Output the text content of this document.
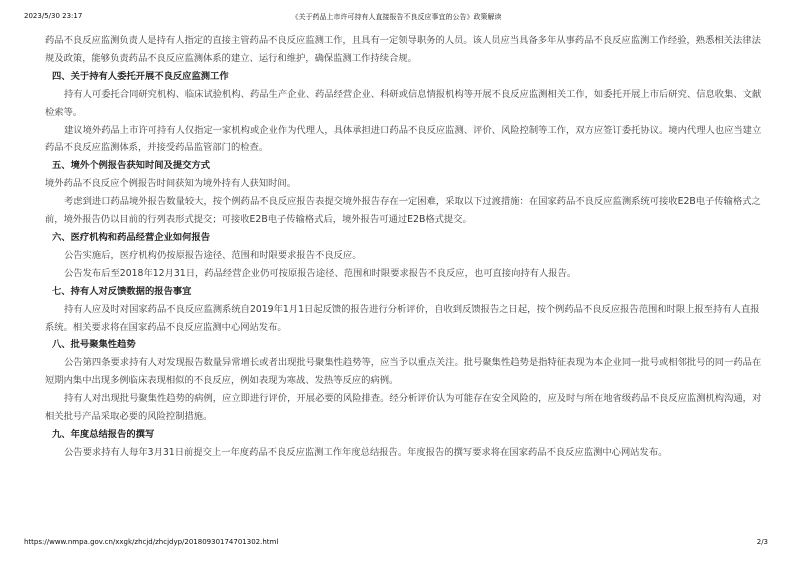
2023/5/30 23:17	《关于药品上市许可持有人直接报告不良反应事宜的公告》政策解读

药品不良反应监测负责人是持有人指定的直接主管药品不良反应监测工作，且具有一定领导职务的人员。该人员应当具备多年从事药品不良反应监测工作经验，熟悉相关法律法规及政策，能够负责药品不良反应监测体系的建立、运行和维护，确保监测工作持续合规。

四、关于持有人委托开展不良反应监测工作

持有人可委托合同研究机构、临床试验机构、药品生产企业、药品经营企业、科研或信息情报机构等开展不良反应监测相关工作，如委托开展上市后研究、信息收集、文献检索等。

建议境外药品上市许可持有人仅指定一家机构或企业作为代理人，具体承担进口药品不良反应监测、评价、风险控制等工作，双方应签订委托协议。境内代理人也应当建立药品不良反应监测体系，并接受药品监管部门的检查。

五、境外个例报告获知时间及提交方式

境外药品不良反应个例报告时间获知为境外持有人获知时间。

考虑到进口药品境外报告数量较大，按个例药品不良反应报告表提交境外报告存在一定困难，采取以下过渡措施：在国家药品不良反应监测系统可接收E2B电子传输格式之前，境外报告仍以目前的行列表形式提交；可接收E2B电子传输格式后，境外报告可通过E2B格式提交。

六、医疗机构和药品经营企业如何报告

公告实施后，医疗机构仍按原报告途径、范围和时限要求报告不良反应。

公告发布后至2018年12月31日，药品经营企业仍可按原报告途径、范围和时限要求报告不良反应，也可直接向持有人报告。

七、持有人对反馈数据的报告事宜

持有人应及时对国家药品不良反应监测系统自2019年1月1日起反馈的报告进行分析评价，自收到反馈报告之日起，按个例药品不良反应报告范围和时限上报至持有人直报系统。相关要求将在国家药品不良反应监测中心网站发布。

八、批号聚集性趋势

公告第四条要求持有人对发现报告数量异常增长或者出现批号聚集性趋势等，应当予以重点关注。批号聚集性趋势是指特征表现为本企业同一批号或相邻批号的同一药品在短期内集中出现多例临床表现相似的不良反应，例如表现为寒战、发热等反应的病例。

持有人对出现批号聚集性趋势的病例，应立即进行评价，开展必要的风险排查。经分析评价认为可能存在安全风险的，应及时与所在地省级药品不良反应监测机构沟通，对相关批号产品采取必要的风险控制措施。

九、年度总结报告的撰写

公告要求持有人每年3月31日前提交上一年度药品不良反应监测工作年度总结报告。年度报告的撰写要求将在国家药品不良反应监测中心网站发布。

https://www.nmpa.gov.cn/xxgk/zhcjd/zhcjdyp/20180930174701302.html	2/3
